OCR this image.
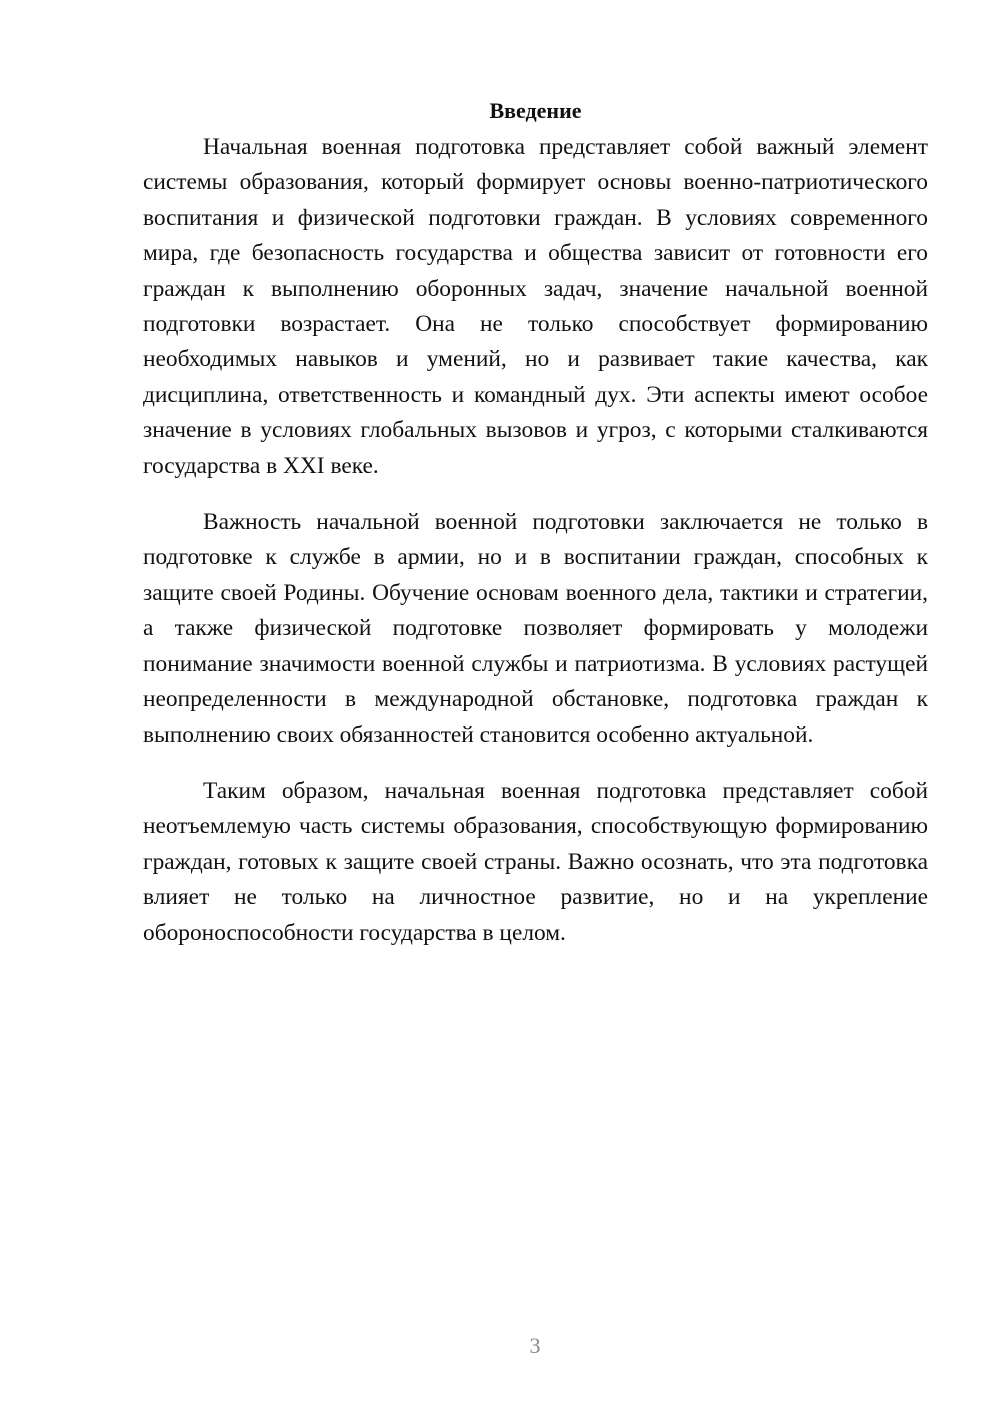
Введение

Начальная военная подготовка представляет собой важный элемент системы образования, который формирует основы военно-патриотического воспитания и физической подготовки граждан. В условиях современного мира, где безопасность государства и общества зависит от готовности его граждан к выполнению оборонных задач, значение начальной военной подготовки возрастает. Она не только способствует формированию необходимых навыков и умений, но и развивает такие качества, как дисциплина, ответственность и командный дух. Эти аспекты имеют особое значение в условиях глобальных вызовов и угроз, с которыми сталкиваются государства в XXI веке.

Важность начальной военной подготовки заключается не только в подготовке к службе в армии, но и в воспитании граждан, способных к защите своей Родины. Обучение основам военного дела, тактики и стратегии, а также физической подготовке позволяет формировать у молодежи понимание значимости военной службы и патриотизма. В условиях растущей неопределенности в международной обстановке, подготовка граждан к выполнению своих обязанностей становится особенно актуальной.

Таким образом, начальная военная подготовка представляет собой неотъемлемую часть системы образования, способствующую формированию граждан, готовых к защите своей страны. Важно осознать, что эта подготовка влияет не только на личностное развитие, но и на укрепление обороноспособности государства в целом.

3
